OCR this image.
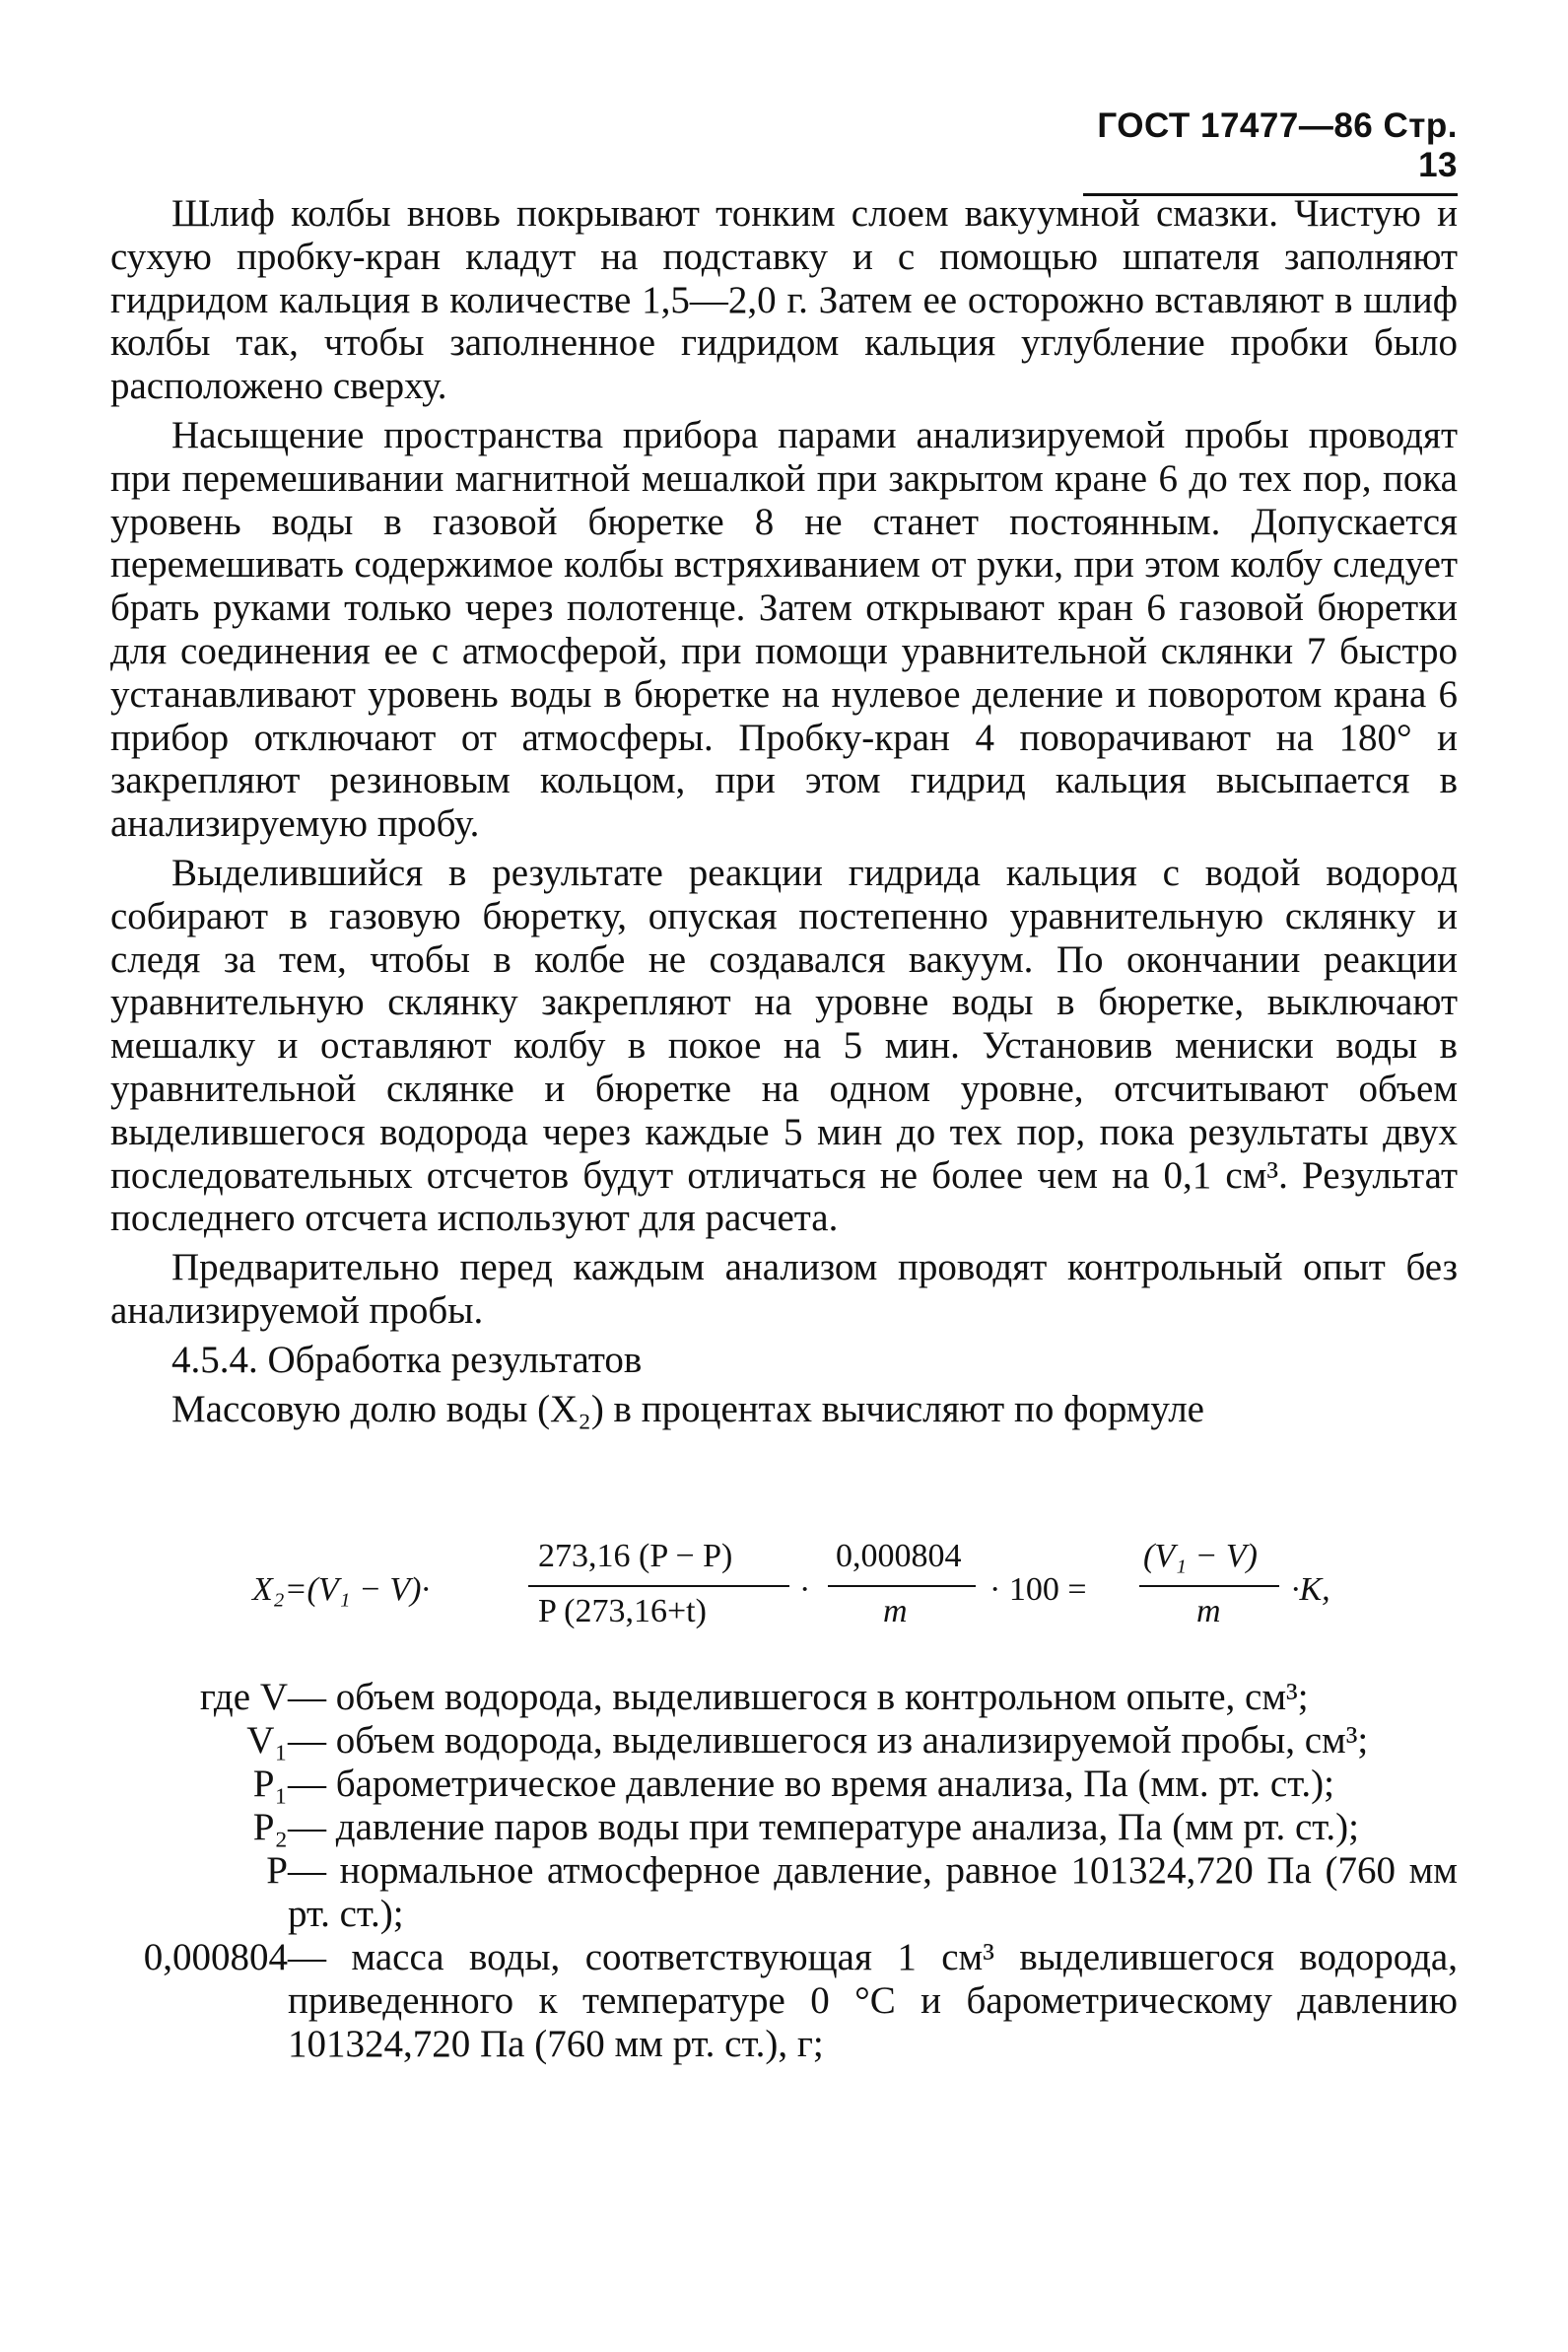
ГОСТ 17477—86 Стр. 13

Шлиф колбы вновь покрывают тонким слоем вакуумной смазки. Чистую и сухую пробку-кран кладут на подставку и с помощью шпателя заполняют гидридом кальция в количестве 1,5—2,0 г. Затем ее осторожно вставляют в шлиф колбы так, чтобы заполненное гидридом кальция углубление пробки было расположено сверху.

Насыщение пространства прибора парами анализируемой пробы проводят при перемешивании магнитной мешалкой при закрытом кране 6 до тех пор, пока уровень воды в газовой бюретке 8 не станет постоянным. Допускается перемешивать содержимое колбы встряхиванием от руки, при этом колбу следует брать руками только через полотенце. Затем открывают кран 6 газовой бюретки для соединения ее с атмосферой, при помощи уравнительной склянки 7 быстро устанавливают уровень воды в бюретке на нулевое деление и поворотом крана 6 прибор отключают от атмосферы. Пробку-кран 4 поворачивают на 180° и закрепляют резиновым кольцом, при этом гидрид кальция высыпается в анализируемую пробу.

Выделившийся в результате реакции гидрида кальция с водой водород собирают в газовую бюретку, опуская постепенно уравнительную склянку и следя за тем, чтобы в колбе не создавался вакуум. По окончании реакции уравнительную склянку закрепляют на уровне воды в бюретке, выключают мешалку и оставляют колбу в покое на 5 мин. Установив мениски воды в уравнительной склянке и бюретке на одном уровне, отсчитывают объем выделившегося водорода через каждые 5 мин до тех пор, пока результаты двух последовательных отсчетов будут отличаться не более чем на 0,1 см³. Результат последнего отсчета используют для расчета.

Предварительно перед каждым анализом проводят контрольный опыт без анализируемой пробы.

4.5.4. Обработка результатов

Массовую долю воды (X₂) в процентах вычисляют по формуле

X₂=(V₁ − V)·
273,16 (P − P)
P (273,16+t)
·
0,000804
m
· 100 =
(V₁ − V)
m
·K,
где V — объем водорода, выделившегося в контрольном опыте, см³;
V₁ — объем водорода, выделившегося из анализируемой пробы, см³;
P₁ — барометрическое давление во время анализа, Па (мм. рт. ст.);
P₂ — давление паров воды при температуре анализа, Па (мм рт. ст.);
P — нормальное атмосферное давление, равное 101324,720 Па (760 мм рт. ст.);
0,000804 — масса воды, соответствующая 1 см³ выделившегося водорода, приведенного к температуре 0 °С и барометрическому давлению 101324,720 Па (760 мм рт. ст.), г;
